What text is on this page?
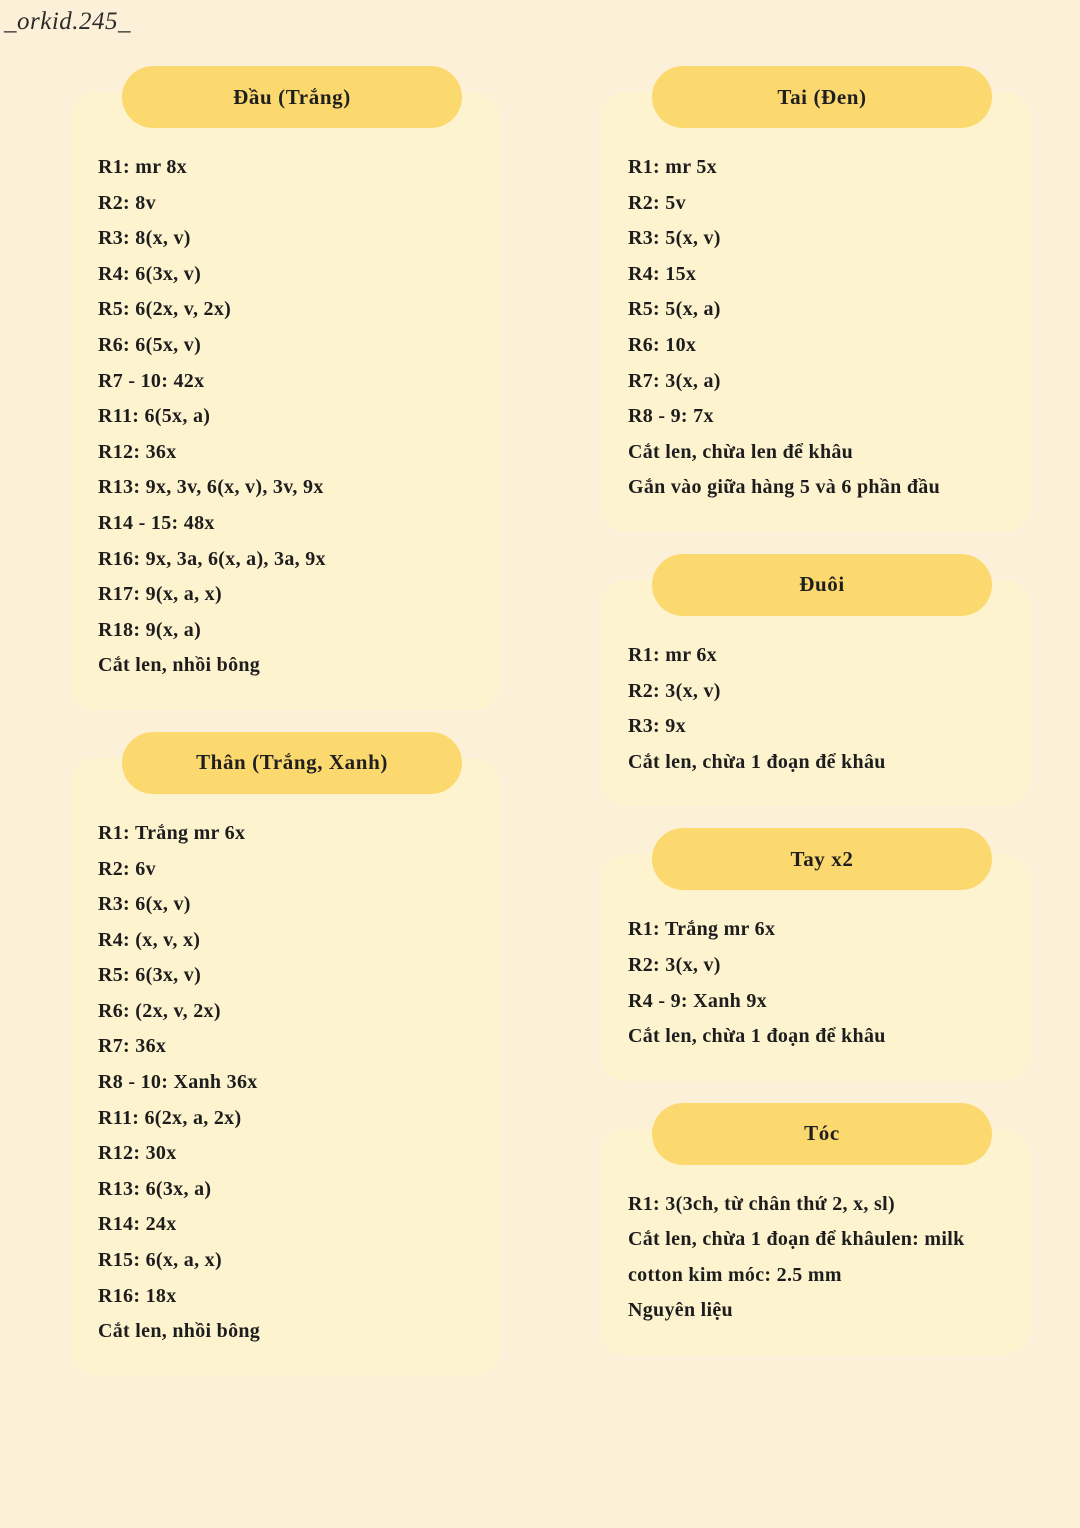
_orkid.245_
Đầu (Trắng)
R1: mr 8x
R2: 8v
R3: 8(x, v)
R4: 6(3x, v)
R5: 6(2x, v, 2x)
R6: 6(5x, v)
R7 - 10: 42x
R11: 6(5x, a)
R12: 36x
R13: 9x, 3v, 6(x, v), 3v, 9x
R14 - 15: 48x
R16: 9x, 3a, 6(x, a), 3a, 9x
R17: 9(x, a, x)
R18: 9(x, a)
Cắt len, nhồi bông
Thân (Trắng, Xanh)
R1: Trắng mr 6x
R2: 6v
R3: 6(x, v)
R4: (x, v, x)
R5: 6(3x, v)
R6: (2x, v, 2x)
R7: 36x
R8 - 10: Xanh 36x
R11: 6(2x, a, 2x)
R12: 30x
R13: 6(3x, a)
R14: 24x
R15: 6(x, a, x)
R16: 18x
Cắt len, nhồi bông
Tai (Đen)
R1: mr 5x
R2: 5v
R3: 5(x, v)
R4: 15x
R5: 5(x, a)
R6: 10x
R7: 3(x, a)
R8 - 9: 7x
Cắt len, chừa len để khâu
Gắn vào giữa hàng 5 và 6 phần đầu
Đuôi
R1: mr 6x
R2: 3(x, v)
R3: 9x
Cắt len, chừa 1 đoạn để khâu
Tay x2
R1: Trắng mr 6x
R2: 3(x, v)
R4 - 9: Xanh 9x
Cắt len, chừa 1 đoạn để khâu
Tóc
R1: 3(3ch, từ chân thứ 2, x, sl)
Cắt len, chừa 1 đoạn để khâulen: milk
cotton kim móc: 2.5 mm
Nguyên liệu
